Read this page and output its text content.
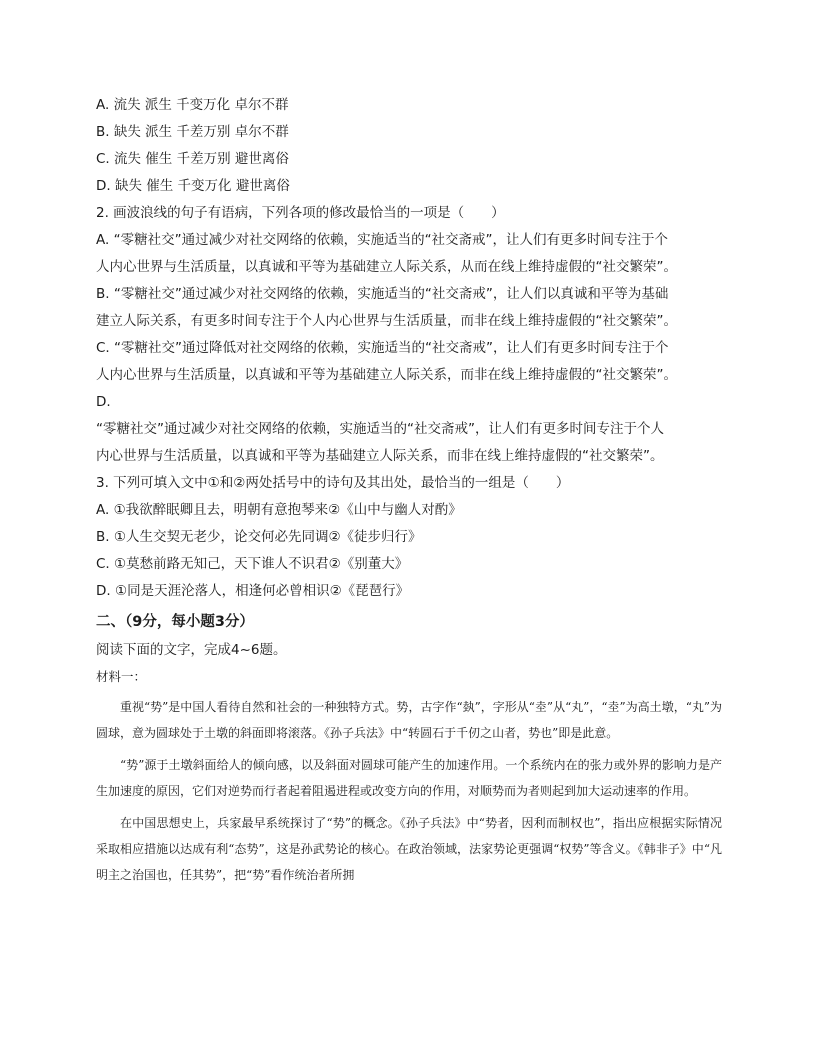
A. 流失 派生 千变万化 卓尔不群
B. 缺失 派生 千差万别 卓尔不群
C. 流失 催生 千差万别 避世离俗
D. 缺失 催生 千变万化 避世离俗
2. 画波浪线的句子有语病，下列各项的修改最恰当的一项是（　　）
A. “零糖社交”通过减少对社交网络的依赖，实施适当的“社交斋戒”，让人们有更多时间专注于个
人内心世界与生活质量，以真诚和平等为基础建立人际关系，从而在线上维持虚假的“社交繁荣”。
B. “零糖社交”通过减少对社交网络的依赖，实施适当的“社交斋戒”，让人们以真诚和平等为基础
建立人际关系，有更多时间专注于个人内心世界与生活质量，而非在线上维持虚假的“社交繁荣”。
C. “零糖社交”通过降低对社交网络的依赖，实施适当的“社交斋戒”，让人们有更多时间专注于个
人内心世界与生活质量，以真诚和平等为基础建立人际关系，而非在线上维持虚假的“社交繁荣”。
D.
“零糖社交”通过减少对社交网络的依赖，实施适当的“社交斋戒”，让人们有更多时间专注于个人
内心世界与生活质量，以真诚和平等为基础建立人际关系，而非在线上维持虚假的“社交繁荣”。
3. 下列可填入文中①和②两处括号中的诗句及其出处，最恰当的一组是（　　）
A. ①我欲醉眠卿且去，明朝有意抱琴来②《山中与幽人对酌》
B. ①人生交契无老少，论交何必先同调②《徒步归行》
C. ①莫愁前路无知己，天下谁人不识君②《别董大》
D. ①同是天涯沦落人，相逢何必曾相识②《琵琶行》
二、（9分，每小题3分）
阅读下面的文字，完成4~6题。
材料一：

重视“势”是中国人看待自然和社会的一种独特方式。势，古字作“埶”，字形从“坴”从“丸”，“坴”为高土墩，“丸”为圆球，意为圆球处于土墩的斜面即将滚落。《孙子兵法》中“转圆石于千仞之山者，势也”即是此意。

“势”源于土墩斜面给人的倾向感，以及斜面对圆球可能产生的加速作用。一个系统内在的张力或外界的影响力是产生加速度的原因，它们对逆势而行者起着阻遏进程或改变方向的作用，对顺势而为者则起到加大运动速率的作用。

在中国思想史上，兵家最早系统探讨了“势”的概念。《孙子兵法》中“势者，因利而制权也”，指出应根据实际情况采取相应措施以达成有利“态势”，这是孙武势论的核心。在政治领域，法家势论更强调“权势”等含义。《韩非子》中“凡明主之治国也，任其势”，把“势”看作统治者所拥
